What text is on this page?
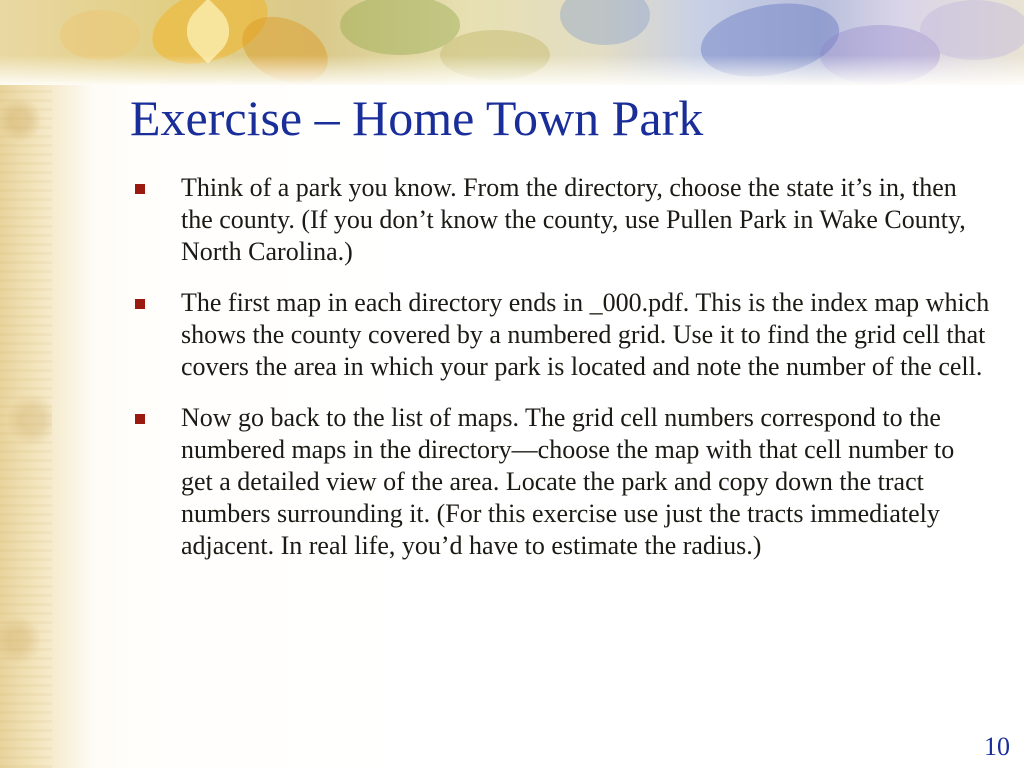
Exercise – Home Town Park
Think of a park you know. From the directory, choose the state it’s in, then the county. (If you don’t know the county, use Pullen Park in Wake County, North Carolina.)
The first map in each directory ends in _000.pdf. This is the index map which shows the county covered by a numbered grid. Use it to find the grid cell that covers the area in which your park is located and note the number of the cell.
Now go back to the list of maps. The grid cell numbers correspond to the numbered maps in the directory—choose the map with that cell number to get a detailed view of the area. Locate the park and copy down the tract numbers surrounding it. (For this exercise use just the tracts immediately adjacent. In real life, you’d have to estimate the radius.)
10
